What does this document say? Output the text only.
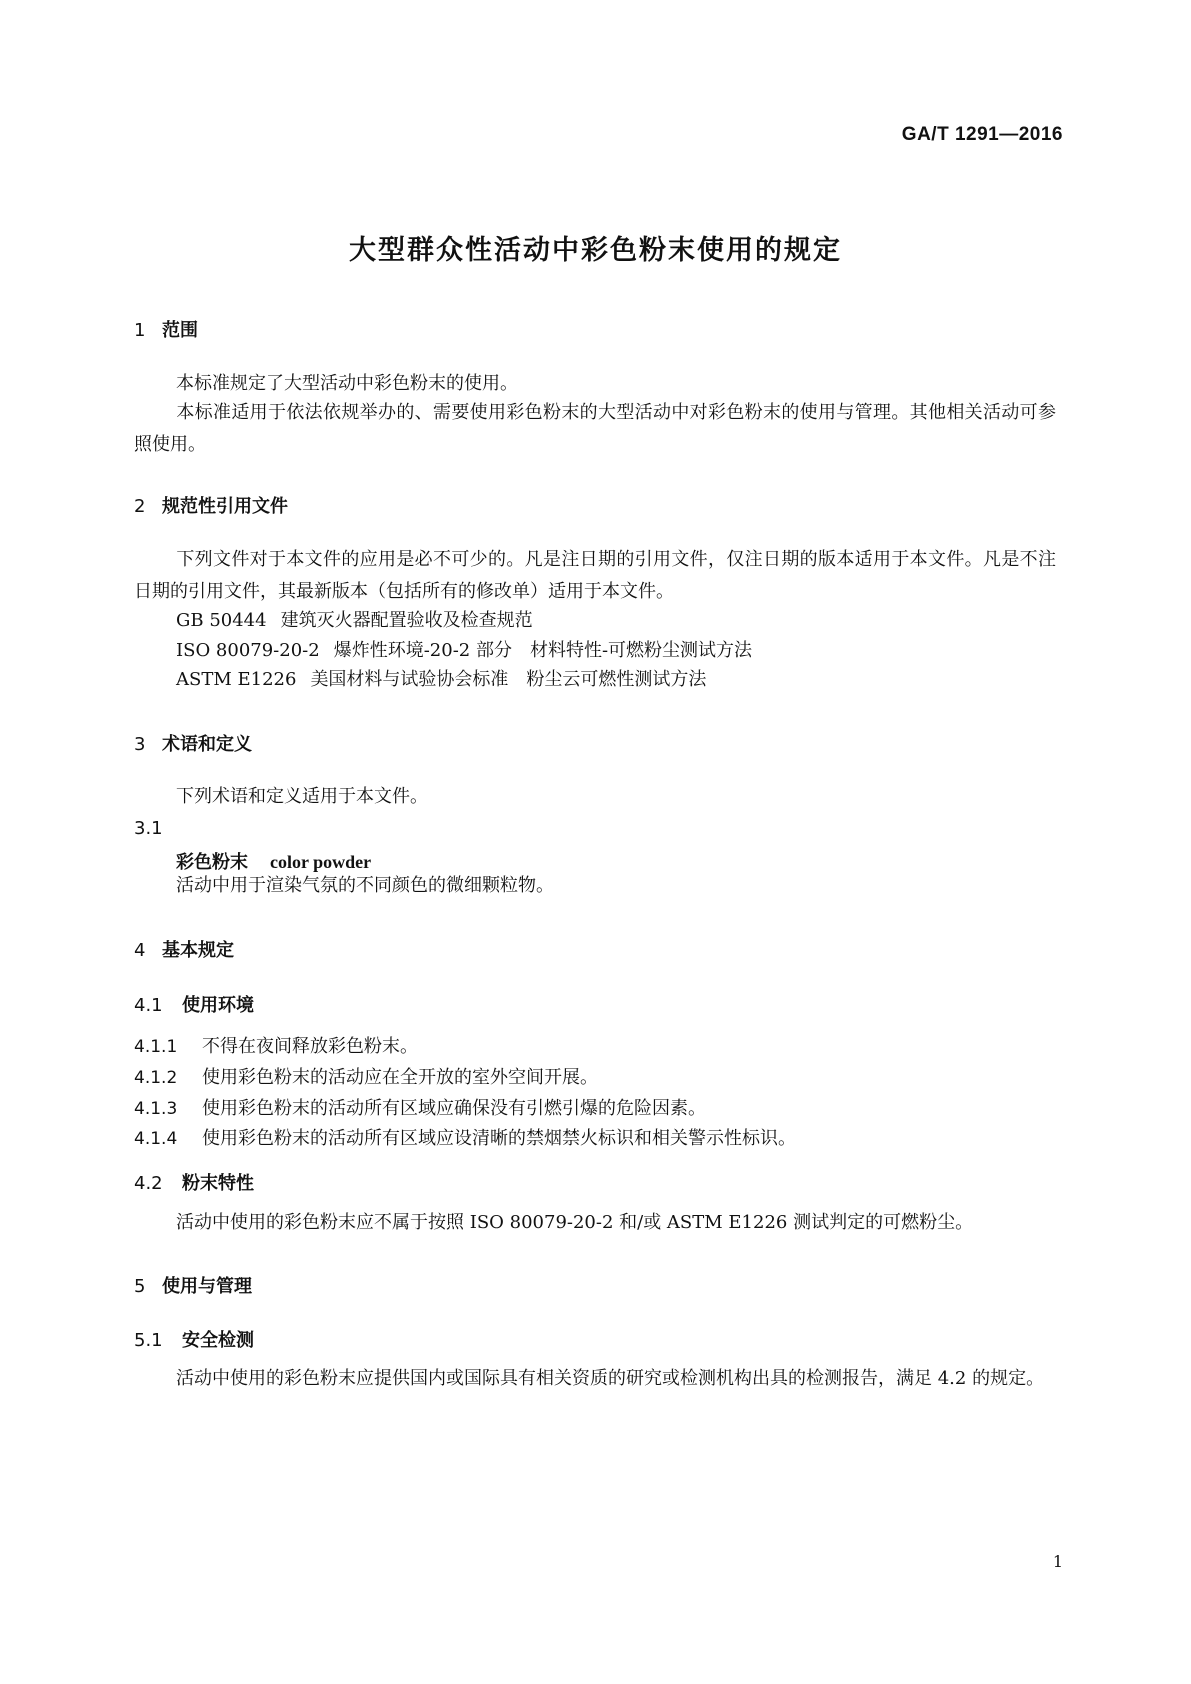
GA/T 1291—2016
大型群众性活动中彩色粉末使用的规定
1 范围
本标准规定了大型活动中彩色粉末的使用。
本标准适用于依法依规举办的、需要使用彩色粉末的大型活动中对彩色粉末的使用与管理。其他相关活动可参照使用。
2 规范性引用文件
下列文件对于本文件的应用是必不可少的。凡是注日期的引用文件，仅注日期的版本适用于本文件。凡是不注日期的引用文件，其最新版本（包括所有的修改单）适用于本文件。
GB 50444 建筑灭火器配置验收及检查规范
ISO 80079-20-2 爆炸性环境-20-2 部分　材料特性-可燃粉尘测试方法
ASTM E1226 美国材料与试验协会标准　粉尘云可燃性测试方法
3 术语和定义
下列术语和定义适用于本文件。
3.1
彩色粉末 color powder
活动中用于渲染气氛的不同颜色的微细颗粒物。
4 基本规定
4.1 使用环境
4.1.1 不得在夜间释放彩色粉末。
4.1.2 使用彩色粉末的活动应在全开放的室外空间开展。
4.1.3 使用彩色粉末的活动所有区域应确保没有引燃引爆的危险因素。
4.1.4 使用彩色粉末的活动所有区域应设清晰的禁烟禁火标识和相关警示性标识。
4.2 粉末特性
活动中使用的彩色粉末应不属于按照 ISO 80079-20-2 和/或 ASTM E1226 测试判定的可燃粉尘。
5 使用与管理
5.1 安全检测
活动中使用的彩色粉末应提供国内或国际具有相关资质的研究或检测机构出具的检测报告，满足 4.2 的规定。
1
